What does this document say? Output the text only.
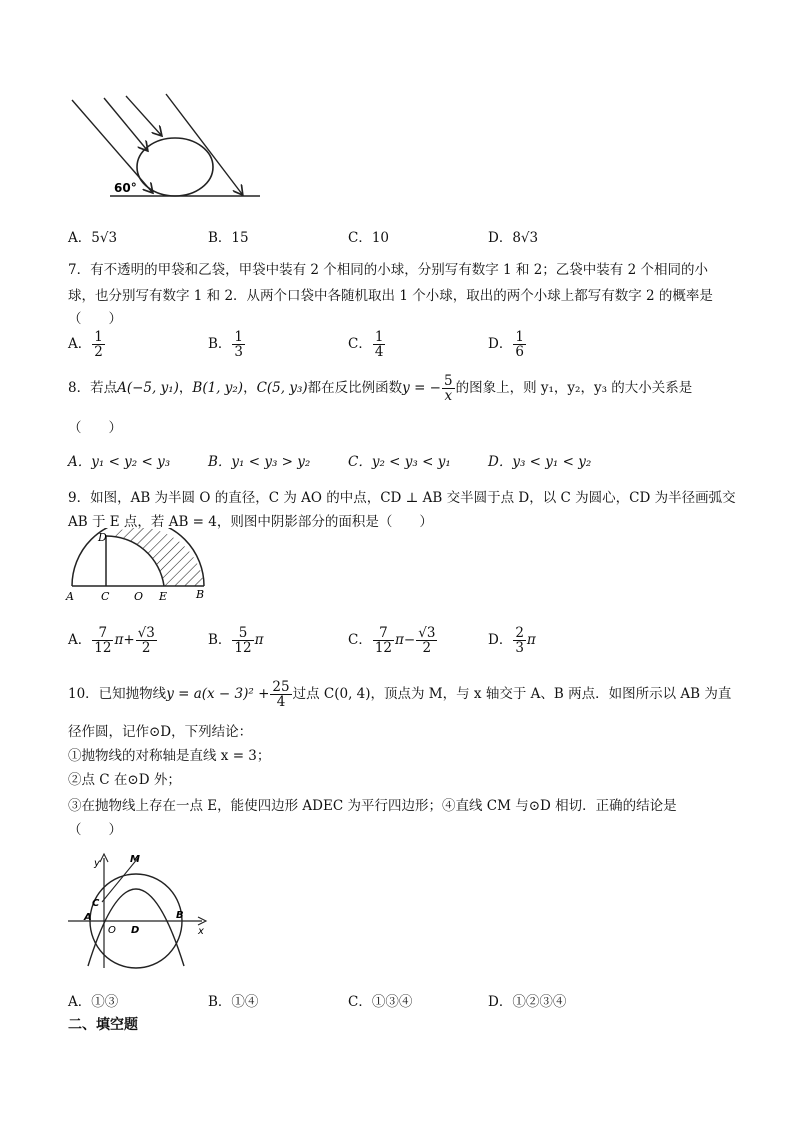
60°
A．5√3	B．15	C．10	D．8√3
7．有不透明的甲袋和乙袋，甲袋中装有 2 个相同的小球，分别写有数字 1 和 2；乙袋中装有 2 个相同的小
球，也分别写有数字 1 和 2．从两个口袋中各随机取出 1 个小球，取出的两个小球上都写有数字 2 的概率是
（　　）
A． $\frac{1}{2}$	B． $\frac{1}{3}$	C． $\frac{1}{4}$	D． $\frac{1}{6}$
8．若点A(−5, y₁)，B(1, y₂)，C(5, y₃)都在反比例函数y = − $\frac{5}{x}$ 的图象上，则 y₁，y₂，y₃ 的大小关系是
（　　）
A．y₁ < y₂ < y₃	B．y₁ < y₃ > y₂	C．y₂ < y₃ < y₁	D．y₃ < y₁ < y₂
9．如图，AB 为半圆 O 的直径，C 为 AO 的中点，CD ⊥ AB 交半圆于点 D，以 C 为圆心，CD 为半径画弧交
AB 于 E 点，若 AB = 4，则图中阴影部分的面积是（　　）
D
A C O E	B
A． $\frac{7}{12} \pi+ \frac{√3}{2}$	B． $\frac{5}{12}$ π	C． $\frac{7}{12} \pi- \frac{√3}{2}$	D． $\frac{2}{3}$ π
10．已知抛物线$y = a(x - 3)^2 + \frac{25}{4}$ 过点 C(0, 4)，顶点为 M，与 x 轴交于 A、B 两点．如图所示以 AB 为直
径作圆，记作⊙D，下列结论：
①抛物线的对称轴是直线 x = 3；
②点 C 在⊙D 外；
③在抛物线上存在一点 E，能使四边形 ADEC 为平行四边形；④直线 CM 与⊙D 相切．正确的结论是
（　　）
y	M
C
A
O D
B
x
A．①③	B．①④	C．①③④	D．①②③④
二、填空题
